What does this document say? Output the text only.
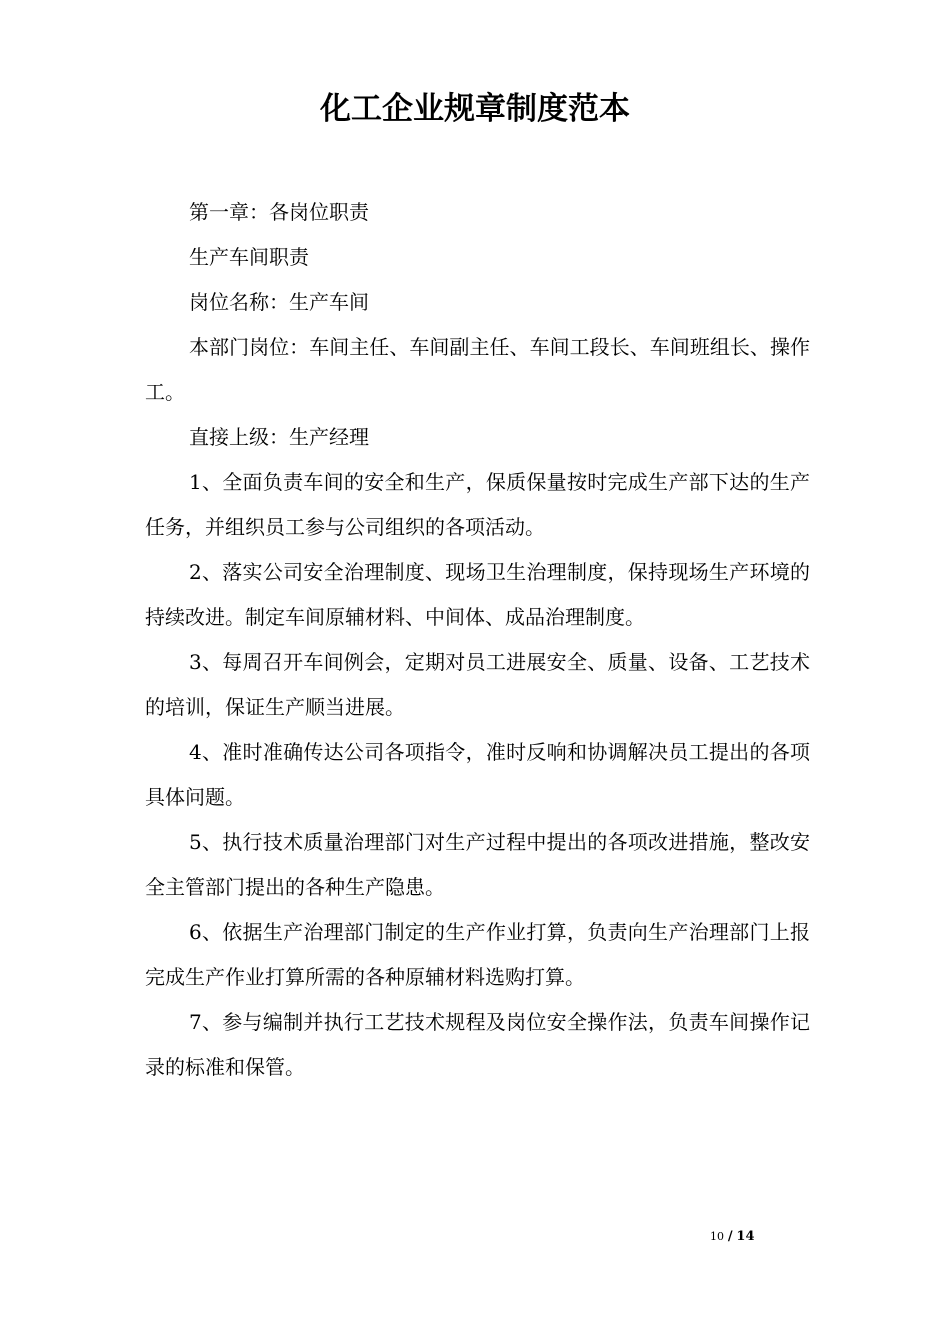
化工企业规章制度范本

第一章：各岗位职责

生产车间职责

岗位名称：生产车间

本部门岗位：车间主任、车间副主任、车间工段长、车间班组长、操作工。

直接上级：生产经理

1、全面负责车间的安全和生产，保质保量按时完成生产部下达的生产任务，并组织员工参与公司组织的各项活动。

2、落实公司安全治理制度、现场卫生治理制度，保持现场生产环境的持续改进。制定车间原辅材料、中间体、成品治理制度。

3、每周召开车间例会，定期对员工进展安全、质量、设备、工艺技术的培训，保证生产顺当进展。

4、准时准确传达公司各项指令，准时反响和协调解决员工提出的各项具体问题。

5、执行技术质量治理部门对生产过程中提出的各项改进措施，整改安全主管部门提出的各种生产隐患。

6、依据生产治理部门制定的生产作业打算，负责向生产治理部门上报完成生产作业打算所需的各种原辅材料选购打算。

7、参与编制并执行工艺技术规程及岗位安全操作法，负责车间操作记录的标准和保管。

10 / 14
